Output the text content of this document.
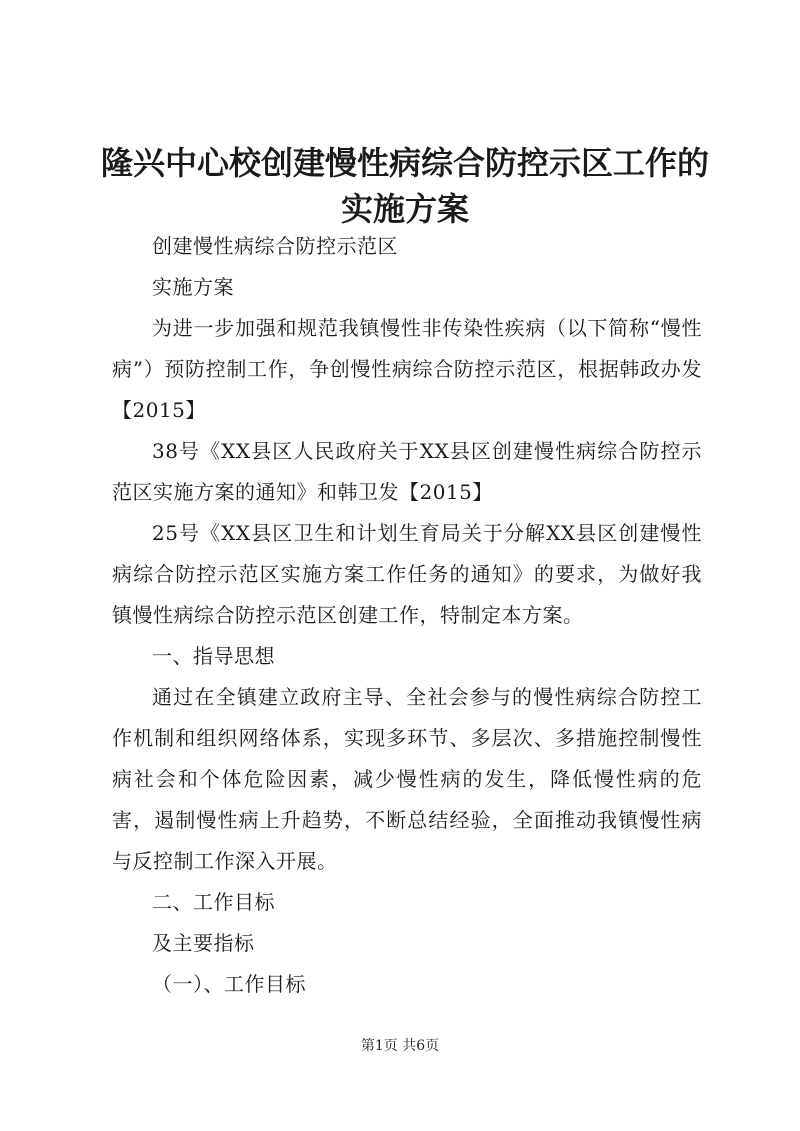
隆兴中心校创建慢性病综合防控示区工作的实施方案

创建慢性病综合防控示范区

实施方案

为进一步加强和规范我镇慢性非传染性疾病（以下简称“慢性病”）预防控制工作，争创慢性病综合防控示范区，根据韩政办发【2015】

38号《XX县区人民政府关于XX县区创建慢性病综合防控示范区实施方案的通知》和韩卫发【2015】

25号《XX县区卫生和计划生育局关于分解XX县区创建慢性病综合防控示范区实施方案工作任务的通知》的要求，为做好我镇慢性病综合防控示范区创建工作，特制定本方案。

一、指导思想

通过在全镇建立政府主导、全社会参与的慢性病综合防控工作机制和组织网络体系，实现多环节、多层次、多措施控制慢性病社会和个体危险因素，减少慢性病的发生，降低慢性病的危害，遏制慢性病上升趋势，不断总结经验，全面推动我镇慢性病与反控制工作深入开展。

二、工作目标

及主要指标

（一）、工作目标

第1页 共6页
